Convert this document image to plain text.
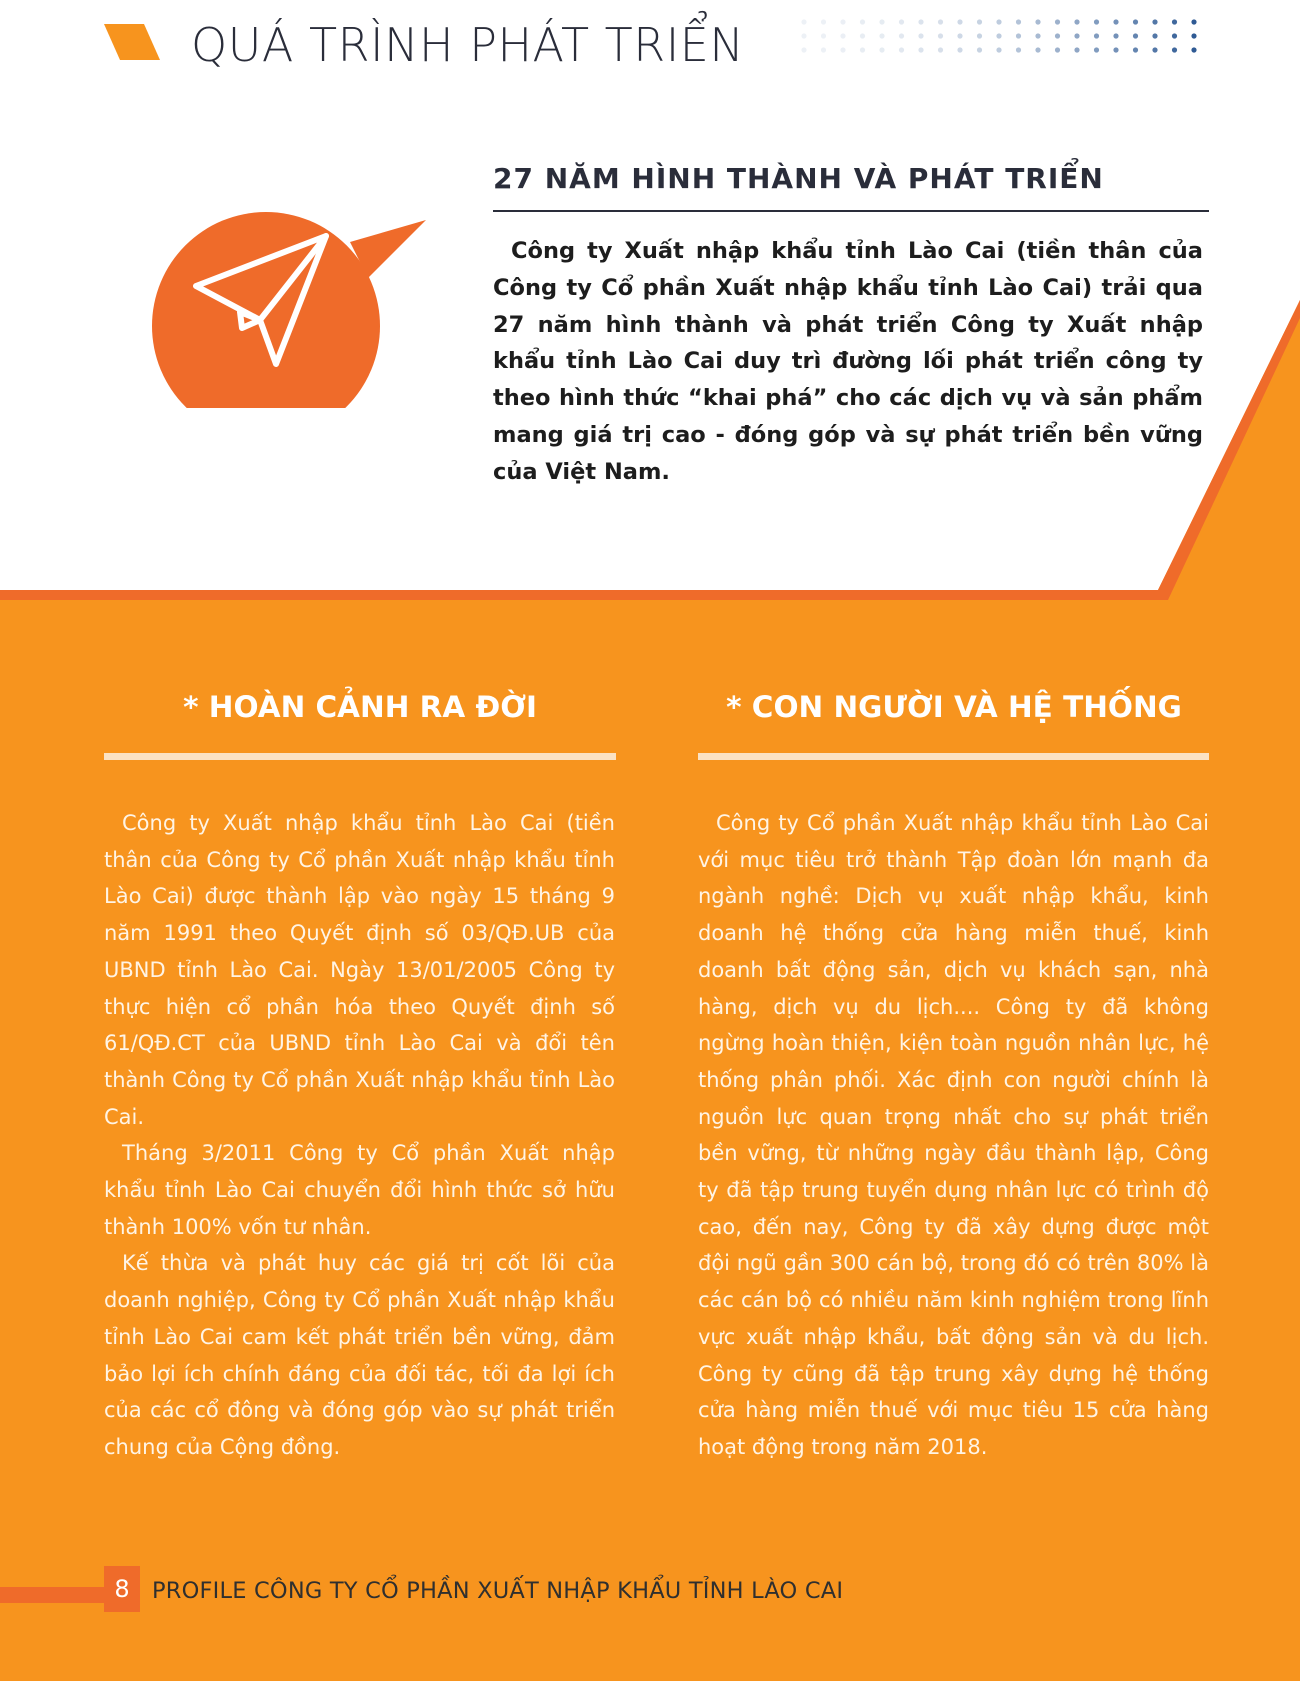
QUÁ TRÌNH PHÁT TRIỂN
27 NĂM HÌNH THÀNH VÀ PHÁT TRIỂN
Công ty Xuất nhập khẩu tỉnh Lào Cai (tiền thân của Công ty Cổ phần Xuất nhập khẩu tỉnh Lào Cai) trải qua 27 năm hình thành và phát triển Công ty Xuất nhập khẩu tỉnh Lào Cai duy trì đường lối phát triển công ty theo hình thức “khai phá” cho các dịch vụ và sản phẩm mang giá trị cao - đóng góp và sự phát triển bền vững của Việt Nam.
* HOÀN CẢNH RA ĐỜI

Công ty Xuất nhập khẩu tỉnh Lào Cai (tiền thân của Công ty Cổ phần Xuất nhập khẩu tỉnh Lào Cai) được thành lập vào ngày 15 tháng 9 năm 1991 theo Quyết định số 03/QĐ.UB của UBND tỉnh Lào Cai. Ngày 13/01/2005 Công ty thực hiện cổ phần hóa theo Quyết định số 61/QĐ.CT của UBND tỉnh Lào Cai và đổi tên thành Công ty Cổ phần Xuất nhập khẩu tỉnh Lào Cai.

Tháng 3/2011 Công ty Cổ phần Xuất nhập khẩu tỉnh Lào Cai chuyển đổi hình thức sở hữu thành 100% vốn tư nhân.

Kế thừa và phát huy các giá trị cốt lõi của doanh nghiệp, Công ty Cổ phần Xuất nhập khẩu tỉnh Lào Cai cam kết phát triển bền vững, đảm bảo lợi ích chính đáng của đối tác, tối đa lợi ích của các cổ đông và đóng góp vào sự phát triển chung của Cộng đồng.

* CON NGƯỜI VÀ HỆ THỐNG

Công ty Cổ phần Xuất nhập khẩu tỉnh Lào Cai với mục tiêu trở thành Tập đoàn lớn mạnh đa ngành nghề: Dịch vụ xuất nhập khẩu, kinh doanh hệ thống cửa hàng miễn thuế, kinh doanh bất động sản, dịch vụ khách sạn, nhà hàng, dịch vụ du lịch.... Công ty đã không ngừng hoàn thiện, kiện toàn nguồn nhân lực, hệ thống phân phối. Xác định con người chính là nguồn lực quan trọng nhất cho sự phát triển bền vững, từ những ngày đầu thành lập, Công ty đã tập trung tuyển dụng nhân lực có trình độ cao, đến nay, Công ty đã xây dựng được một đội ngũ gần 300 cán bộ, trong đó có trên 80% là các cán bộ có nhiều năm kinh nghiệm trong lĩnh vực xuất nhập khẩu, bất động sản và du lịch. Công ty cũng đã tập trung xây dựng hệ thống cửa hàng miễn thuế với mục tiêu 15 cửa hàng hoạt động trong năm 2018.

8 PROFILE CÔNG TY CỔ PHẦN XUẤT NHẬP KHẨU TỈNH LÀO CAI
